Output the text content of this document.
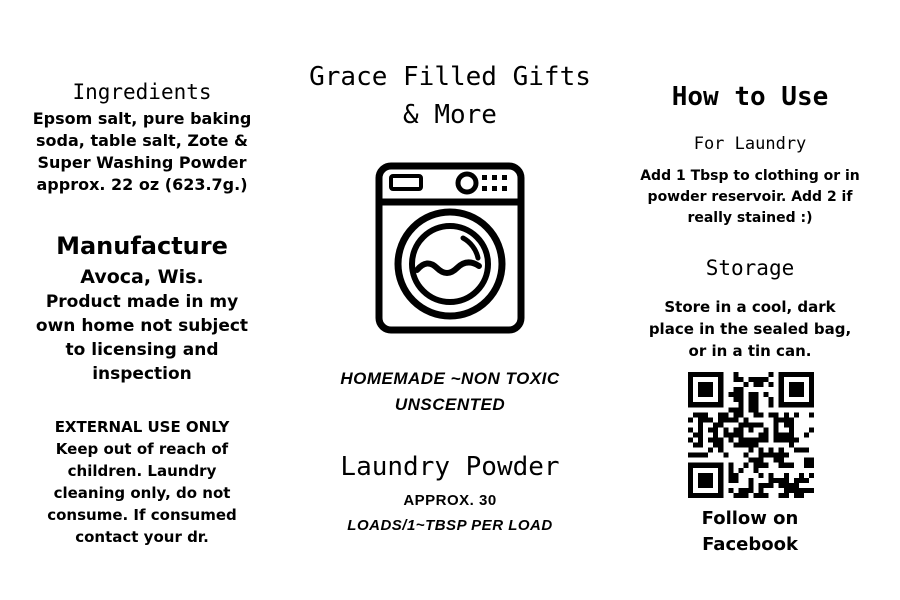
Ingredients
Epsom salt, pure baking soda, table salt, Zote & Super Washing Powder approx. 22 oz (623.7g.)
Manufacture
Avoca, Wis.
Product made in my own home not subject to licensing and inspection
EXTERNAL USE ONLY
Keep out of reach of children. Laundry cleaning only, do not consume. If consumed contact your dr.
Grace Filled Gifts
& More
HOMEMADE ~NON TOXIC
UNSCENTED
Laundry Powder
APPROX. 30
LOADS/1~TBSP PER LOAD
How to Use
For Laundry
Add 1 Tbsp to clothing or in powder reservoir. Add 2 if really stained :)
Storage
Store in a cool, dark place in the sealed bag, or in a tin can.
Follow on
Facebook
